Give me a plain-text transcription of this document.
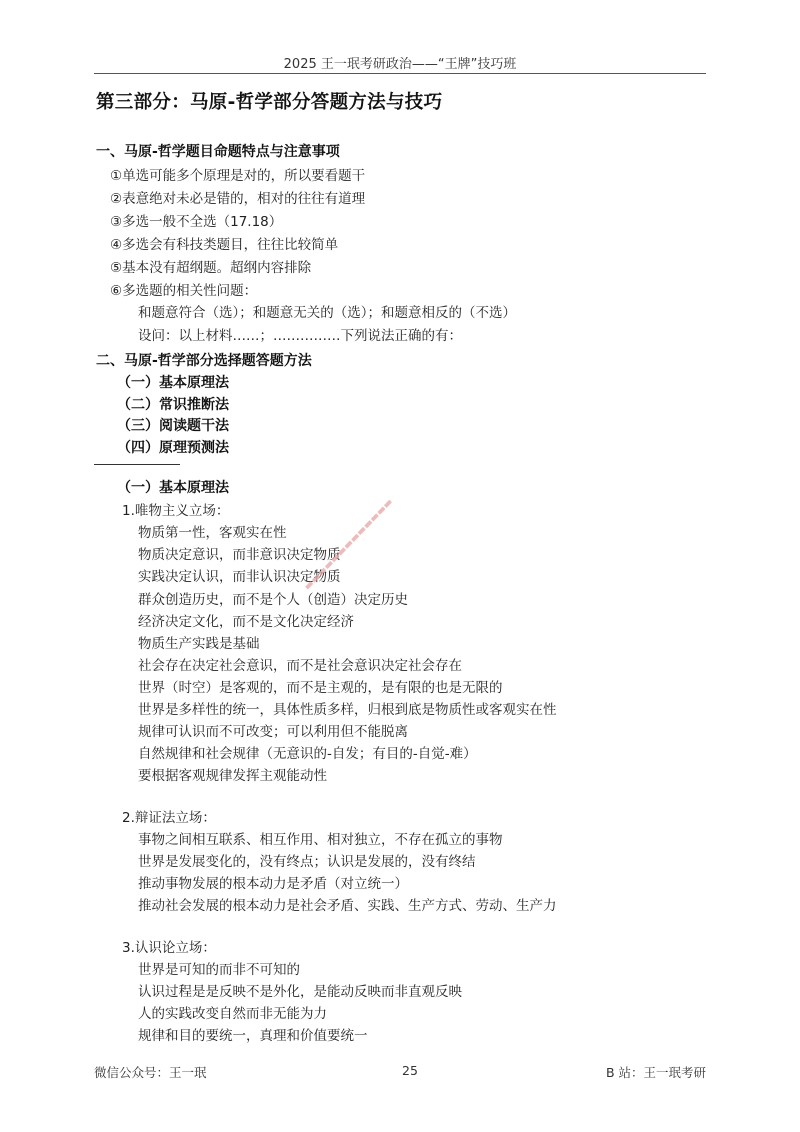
2025 王一珉考研政治——“王牌”技巧班
第三部分：马原-哲学部分答题方法与技巧
一、马原-哲学题目命题特点与注意事项
①单选可能多个原理是对的，所以要看题干
②表意绝对未必是错的，相对的往往有道理
③多选一般不全选（17.18）
④多选会有科技类题目，往往比较简单
⑤基本没有超纲题。超纲内容排除
⑥多选题的相关性问题：
和题意符合（选）；和题意无关的（选）；和题意相反的（不选）
设问：以上材料……；……………下列说法正确的有：
二、马原-哲学部分选择题答题方法
（一）基本原理法
（二）常识推断法
（三）阅读题干法
（四）原理预测法
（一）基本原理法
1.唯物主义立场：
物质第一性，客观实在性
物质决定意识，而非意识决定物质
实践决定认识，而非认识决定物质
群众创造历史，而不是个人（创造）决定历史
经济决定文化，而不是文化决定经济
物质生产实践是基础
社会存在决定社会意识，而不是社会意识决定社会存在
世界（时空）是客观的，而不是主观的，是有限的也是无限的
世界是多样性的统一，具体性质多样，归根到底是物质性或客观实在性
规律可认识而不可改变；可以利用但不能脱离
自然规律和社会规律（无意识的-自发；有目的-自觉-难）
要根据客观规律发挥主观能动性
2.辩证法立场：
事物之间相互联系、相互作用、相对独立，不存在孤立的事物
世界是发展变化的，没有终点；认识是发展的，没有终结
推动事物发展的根本动力是矛盾（对立统一）
推动社会发展的根本动力是社会矛盾、实践、生产方式、劳动、生产力
3.认识论立场：
世界是可知的而非不可知的
认识过程是是反映不是外化，是能动反映而非直观反映
人的实践改变自然而非无能为力
规律和目的要统一，真理和价值要统一
▬▬▬▬▬▬▬▬▬▬▬▬▬
微信公众号：王一珉	25	B 站：王一珉考研
